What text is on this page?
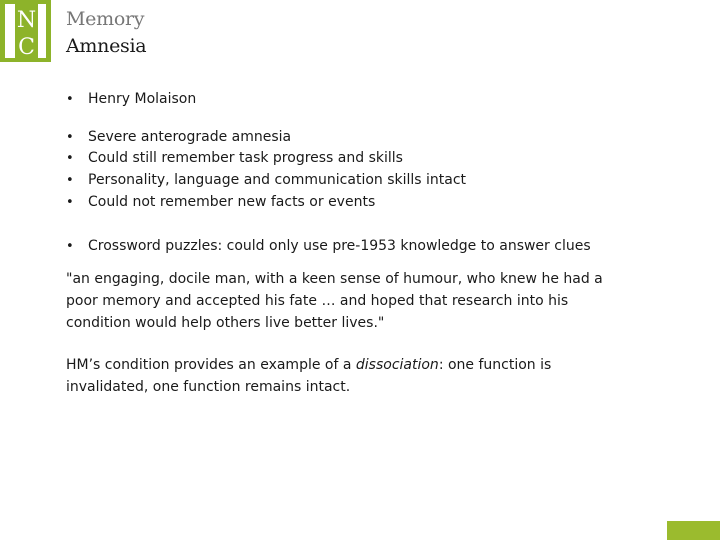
N
C
Memory
Amnesia
• Henry Molaison
• Severe anterograde amnesia
• Could still remember task progress and skills
• Personality, language and communication skills intact
• Could not remember new facts or events
• Crossword puzzles: could only use pre-1953 knowledge to answer clues

"an engaging, docile man, with a keen sense of humour, who knew he had a

poor memory and accepted his fate … and hoped that research into his

condition would help others live better lives."

HM’s condition provides an example of a dissociation: one function is

invalidated, one function remains intact.
